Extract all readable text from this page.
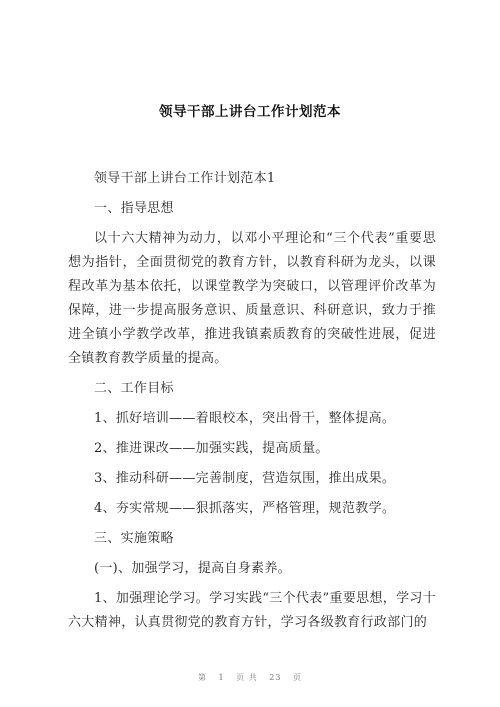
领导干部上讲台工作计划范本

领导干部上讲台工作计划范本1

一、指导思想

以十六大精神为动力，以邓小平理论和“三个代表”重要思想为指针，全面贯彻党的教育方针，以教育科研为龙头，以课程改革为基本依托，以课堂教学为突破口，以管理评价改革为保障，进一步提高服务意识、质量意识、科研意识，致力于推进全镇小学教学改革，推进我镇素质教育的突破性进展，促进全镇教育教学质量的提高。

二、工作目标

1、抓好培训——着眼校本，突出骨干，整体提高。

2、推进课改——加强实践，提高质量。

3、推动科研——完善制度，营造氛围，推出成果。

4、夯实常规——狠抓落实，严格管理，规范教学。

三、实施策略

(一)、加强学习，提高自身素养。

1、加强理论学习。学习实践“三个代表”重要思想，学习十六大精神，认真贯彻党的教育方针，学习各级教育行政部门的

第 1 页 共 23 页
